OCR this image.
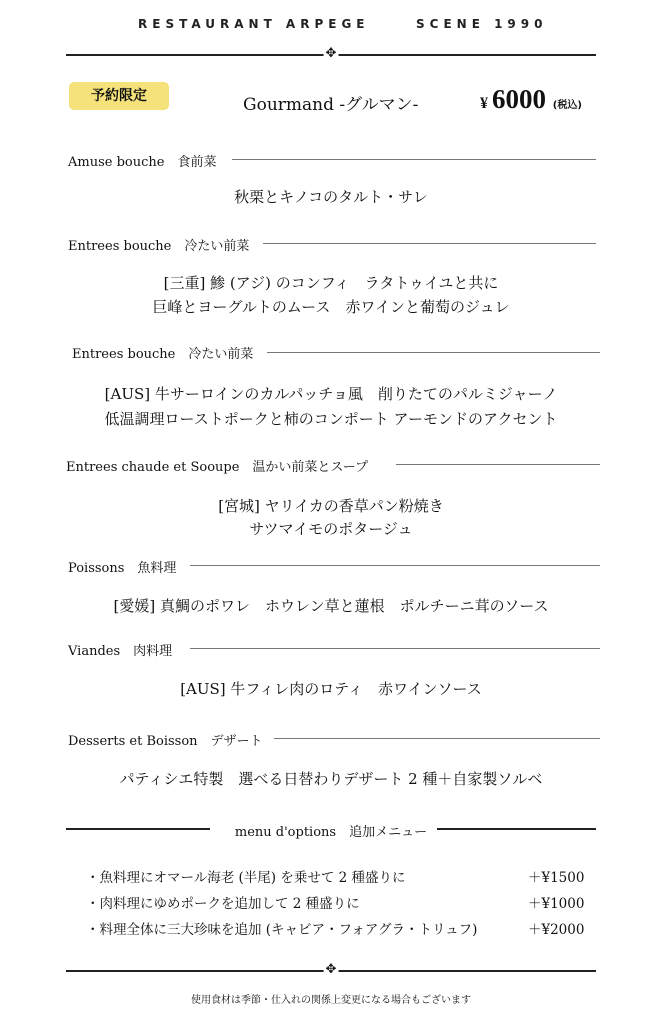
RESTAURANT ARPEGE	SCENE 1990
✥
予約限定	Gourmand -グルマン-	¥ 6000 (税込)
Amuse bouche　食前菜
秋栗とキノコのタルト・サレ
Entrees bouche　冷たい前菜
[三重] 鯵 (アジ) のコンフィ　ラタトゥイユと共に
巨峰とヨーグルトのムース　赤ワインと葡萄のジュレ
Entrees bouche　冷たい前菜
[AUS] 牛サーロインのカルパッチョ風　削りたてのパルミジャーノ
低温調理ローストポークと柿のコンポート アーモンドのアクセント
Entrees chaude et Sooupe　温かい前菜とスープ
[宮城] ヤリイカの香草パン粉焼き
サツマイモのポタージュ
Poissons　魚料理
[愛媛] 真鯛のポワレ　ホウレン草と蓮根　ポルチーニ茸のソース
Viandes　肉料理
[AUS] 牛フィレ肉のロティ　赤ワインソース
Desserts et Boisson　デザート
パティシエ特製　選べる日替わりデザート 2 種＋自家製ソルベ
menu d'options　追加メニュー
・魚料理にオマール海老 (半尾) を乗せて 2 種盛りに	＋¥1500
・肉料理にゆめポークを追加して 2 種盛りに	＋¥1000
・料理全体に三大珍味を追加 (キャビア・フォアグラ・トリュフ)	＋¥2000
✥
使用食材は季節・仕入れの関係上変更になる場合もございます
